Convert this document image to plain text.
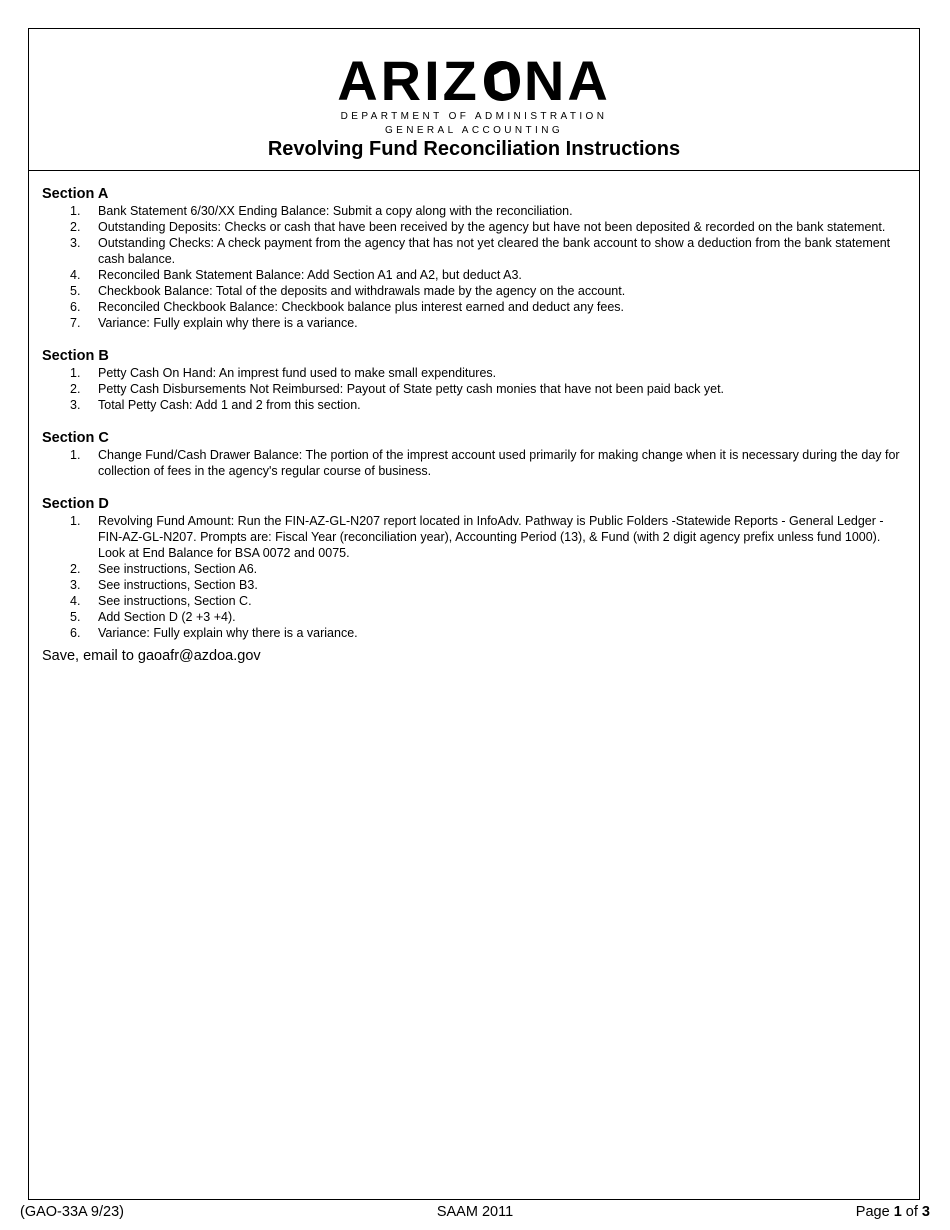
ARIZ NA
DEPARTMENT OF ADMINISTRATION
GENERAL ACCOUNTING
Revolving Fund Reconciliation Instructions
Section A
1. Bank Statement 6/30/XX Ending Balance: Submit a copy along with the reconciliation.
2. Outstanding Deposits: Checks or cash that have been received by the agency but have not been deposited & recorded on the bank statement.
3. Outstanding Checks: A check payment from the agency that has not yet cleared the bank account to show a deduction from the bank statement cash balance.
4. Reconciled Bank Statement Balance: Add Section A1 and A2, but deduct A3.
5. Checkbook Balance: Total of the deposits and withdrawals made by the agency on the account.
6. Reconciled Checkbook Balance: Checkbook balance plus interest earned and deduct any fees.
7. Variance: Fully explain why there is a variance.
Section B
1. Petty Cash On Hand: An imprest fund used to make small expenditures.
2. Petty Cash Disbursements Not Reimbursed: Payout of State petty cash monies that have not been paid back yet.
3. Total Petty Cash: Add 1 and 2 from this section.
Section C
1. Change Fund/Cash Drawer Balance: The portion of the imprest account used primarily for making change when it is necessary during the day for collection of fees in the agency's regular course of business.
Section D
1. Revolving Fund Amount: Run the FIN-AZ-GL-N207 report located in InfoAdv. Pathway is Public Folders -Statewide Reports - General Ledger - FIN-AZ-GL-N207. Prompts are: Fiscal Year (reconciliation year), Accounting Period (13), & Fund (with 2 digit agency prefix unless fund 1000). Look at End Balance for BSA 0072 and 0075.
2. See instructions, Section A6.
3. See instructions, Section B3.
4. See instructions, Section C.
5. Add Section D (2 +3 +4).
6. Variance: Fully explain why there is a variance.
Save, email to gaoafr@azdoa.gov
(GAO-33A 9/23)	SAAM 2011	Page 1 of 3
